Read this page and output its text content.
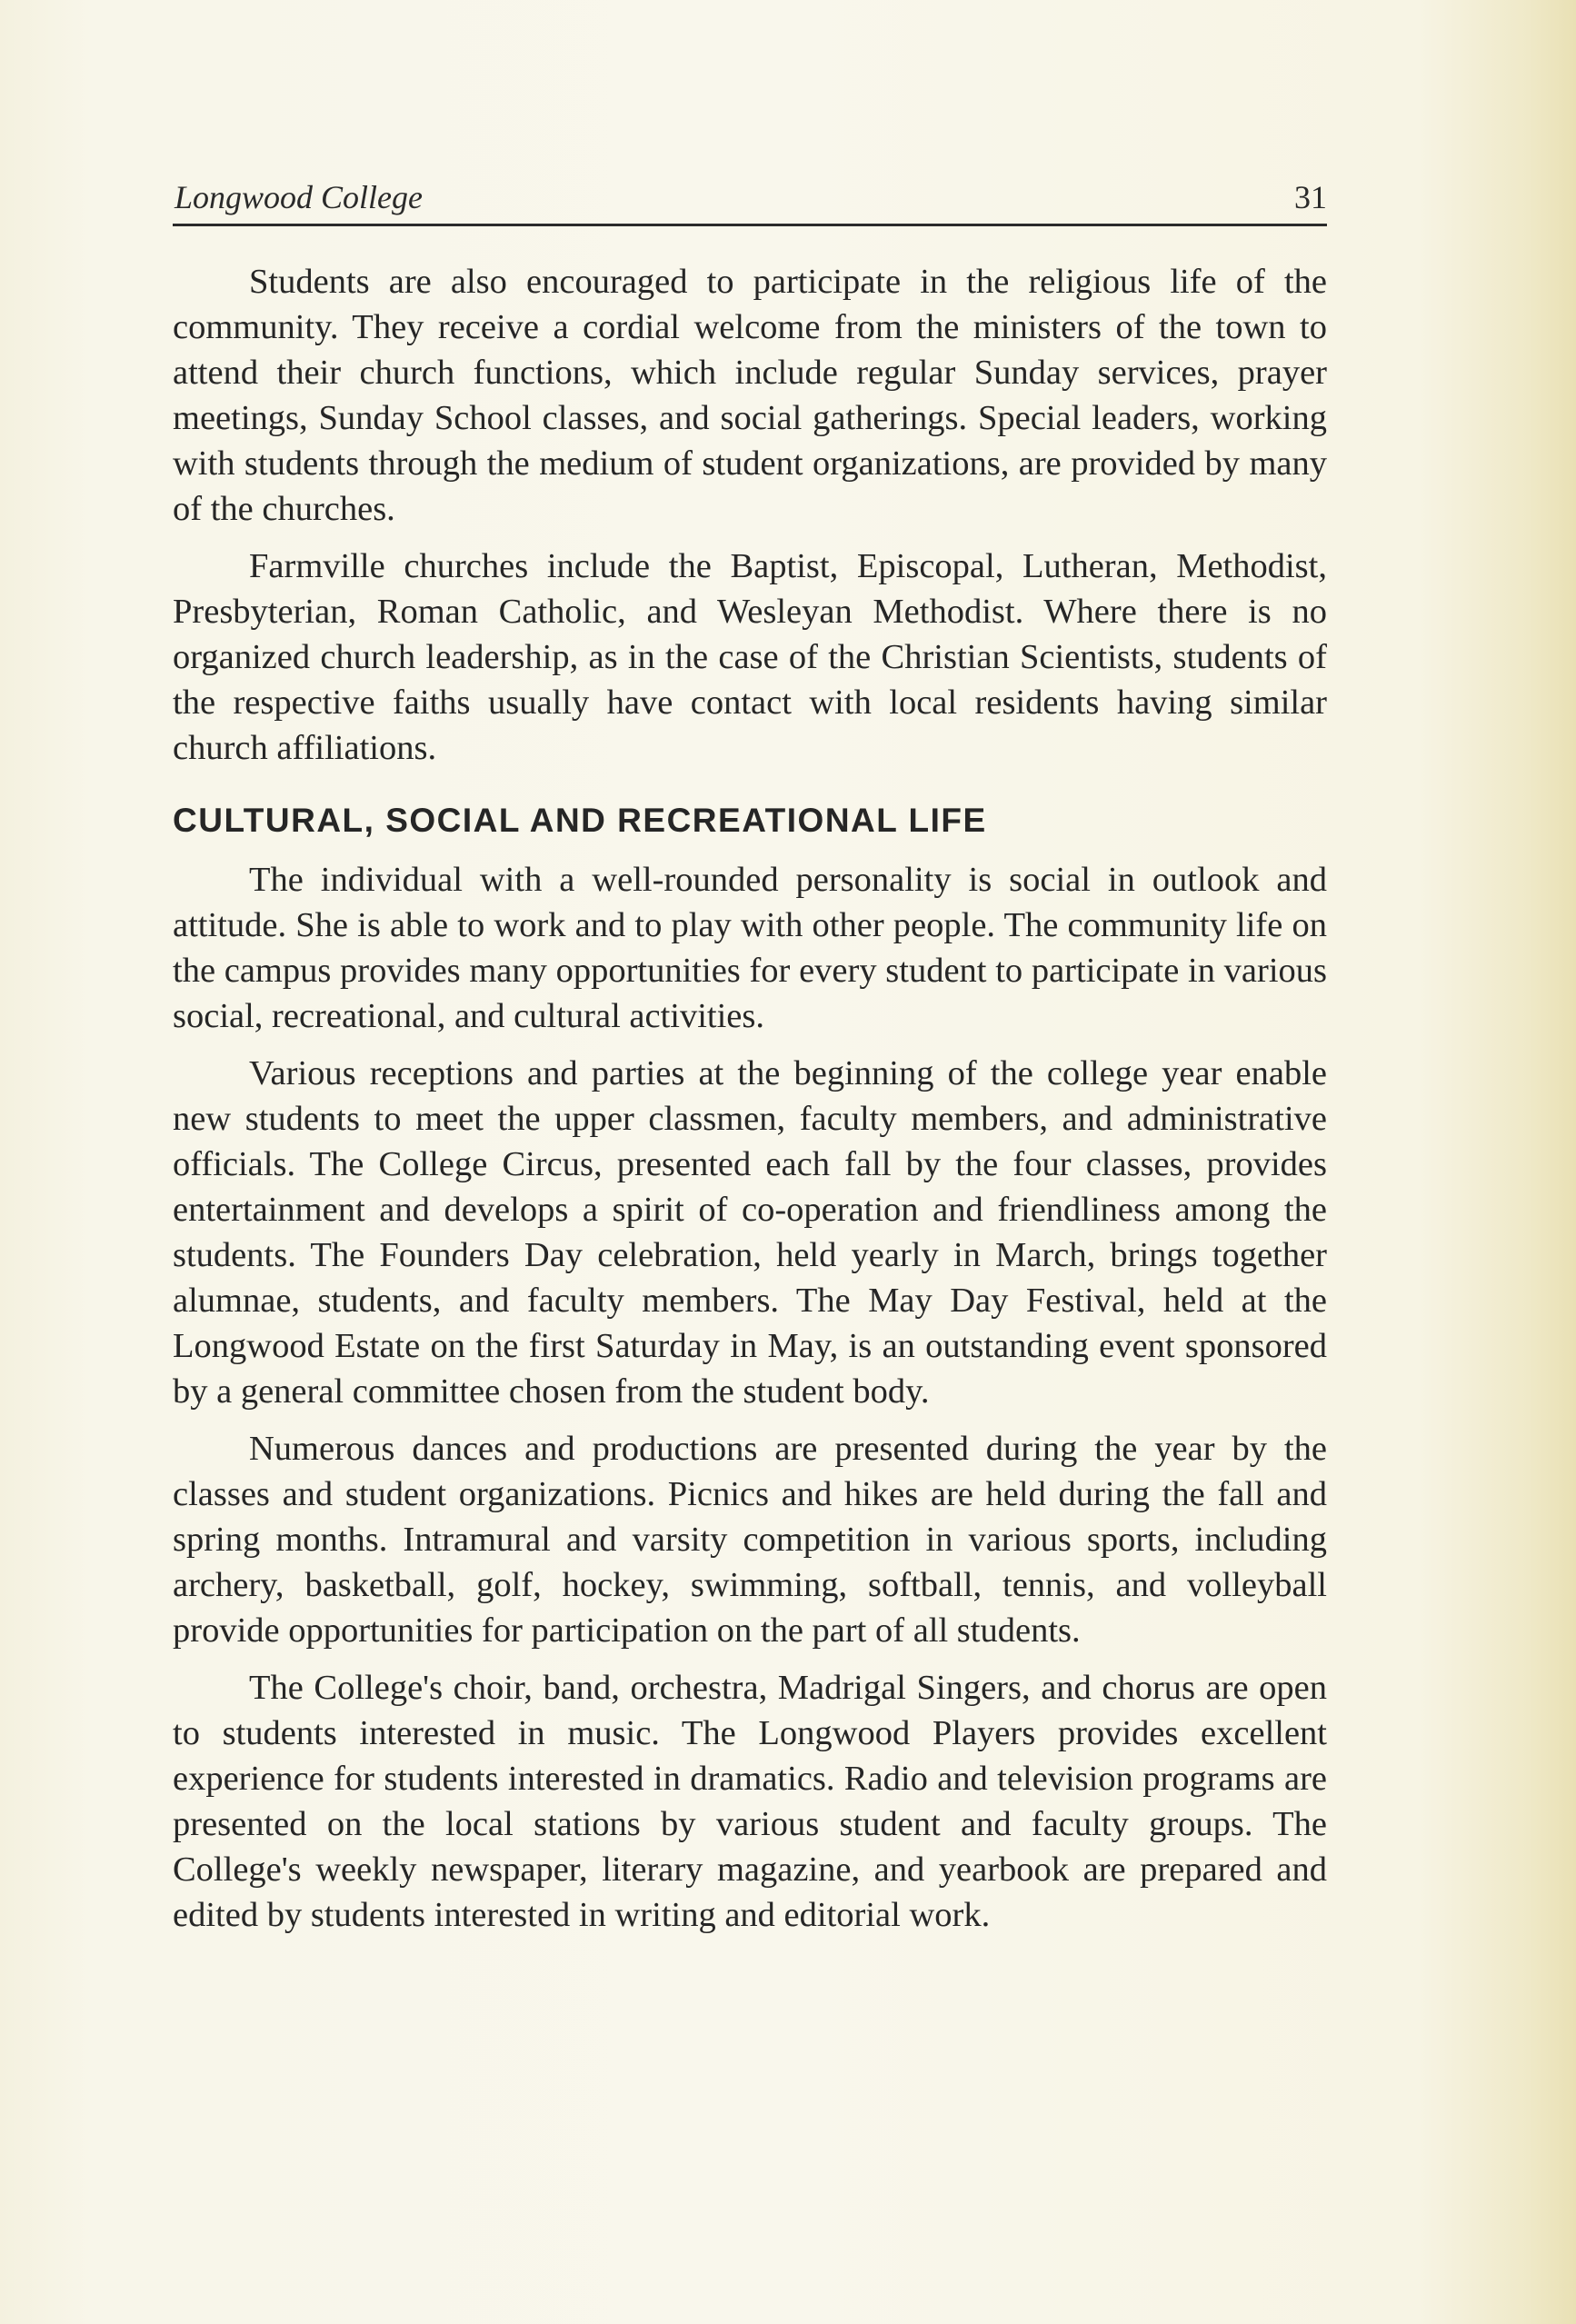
Longwood College	31

Students are also encouraged to participate in the religious life of the community. They receive a cordial welcome from the ministers of the town to attend their church functions, which include regular Sunday services, prayer meetings, Sunday School classes, and social gatherings. Special leaders, working with students through the medium of student organizations, are provided by many of the churches.

Farmville churches include the Baptist, Episcopal, Lutheran, Methodist, Presbyterian, Roman Catholic, and Wesleyan Methodist. Where there is no organized church leadership, as in the case of the Christian Scientists, students of the respective faiths usually have contact with local residents having similar church affiliations.

CULTURAL, SOCIAL AND RECREATIONAL LIFE

The individual with a well-rounded personality is social in outlook and attitude. She is able to work and to play with other people. The community life on the campus provides many opportunities for every student to participate in various social, recreational, and cultural activities.

Various receptions and parties at the beginning of the college year enable new students to meet the upper classmen, faculty members, and administrative officials. The College Circus, presented each fall by the four classes, provides entertainment and develops a spirit of co-operation and friendliness among the students. The Founders Day celebration, held yearly in March, brings together alumnae, students, and faculty members. The May Day Festival, held at the Longwood Estate on the first Saturday in May, is an outstanding event sponsored by a general committee chosen from the student body.

Numerous dances and productions are presented during the year by the classes and student organizations. Picnics and hikes are held during the fall and spring months. Intramural and varsity competition in various sports, including archery, basketball, golf, hockey, swimming, softball, tennis, and volleyball provide opportunities for participation on the part of all students.

The College's choir, band, orchestra, Madrigal Singers, and chorus are open to students interested in music. The Longwood Players provides excellent experience for students interested in dramatics. Radio and television programs are presented on the local stations by various student and faculty groups. The College's weekly newspaper, literary magazine, and yearbook are prepared and edited by students interested in writing and editorial work.
